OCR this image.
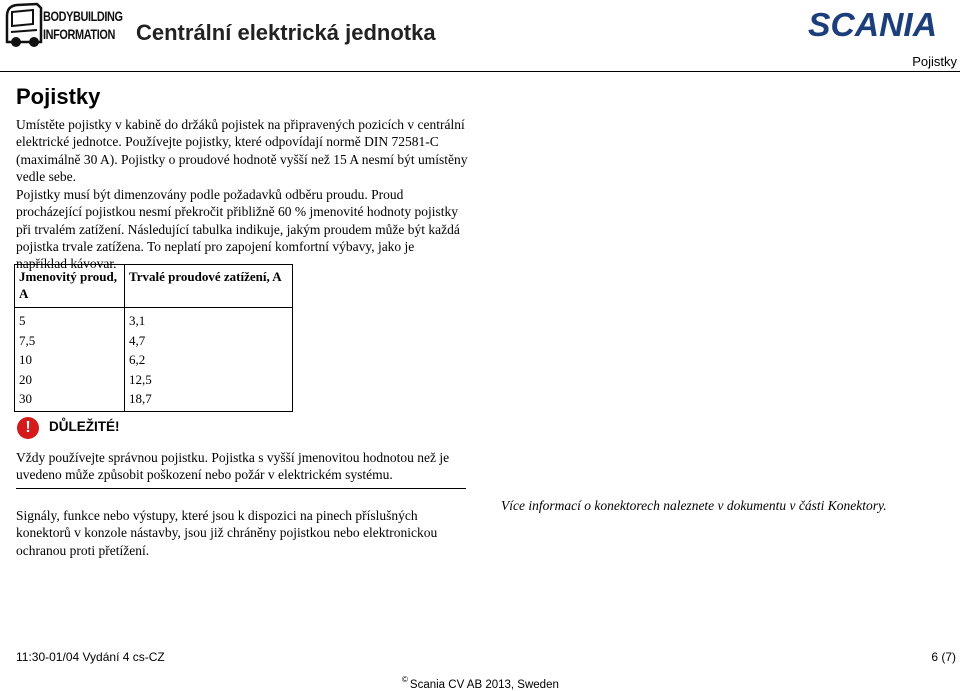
BODYBUILDING
INFORMATION Centrální elektrická jednotka	SCANIA
Pojistky
Pojistky
Umístěte pojistky v kabině do držáků pojistek na připravených pozicích v centrální elektrické jednotce. Používejte pojistky, které odpovídají normě DIN 72581-C (maximálně 30 A). Pojistky o proudové hodnotě vyšší než 15 A nesmí být umístěny vedle sebe.
Pojistky musí být dimenzovány podle požadavků odběru proudu. Proud procházející pojistkou nesmí překročit přibližně 60 % jmenovité hodnoty pojistky při trvalém zatížení. Následující tabulka indikuje, jakým proudem může být každá pojistka trvale zatížena. To neplatí pro zapojení komfortní výbavy, jako je například kávovar.
Jmenovitý proud, A	Trvalé proudové zatížení, A
5	3,1
7,5	4,7
10	6,2
20	12,5
30	18,7
!	DŮLEŽITÉ!
Vždy používejte správnou pojistku. Pojistka s vyšší jmenovitou hodnotou než je uvedeno může způsobit poškození nebo požár v elektrickém systému.
Signály, funkce nebo výstupy, které jsou k dispozici na pinech příslušných konektorů v konzole nástavby, jsou již chráněny pojistkou nebo elektronickou ochranou proti přetížení.
Více informací o konektorech naleznete v dokumentu v části Konektory.
11:30-01/04 Vydání 4 cs-CZ	6 (7)
© Scania CV AB 2013, Sweden
